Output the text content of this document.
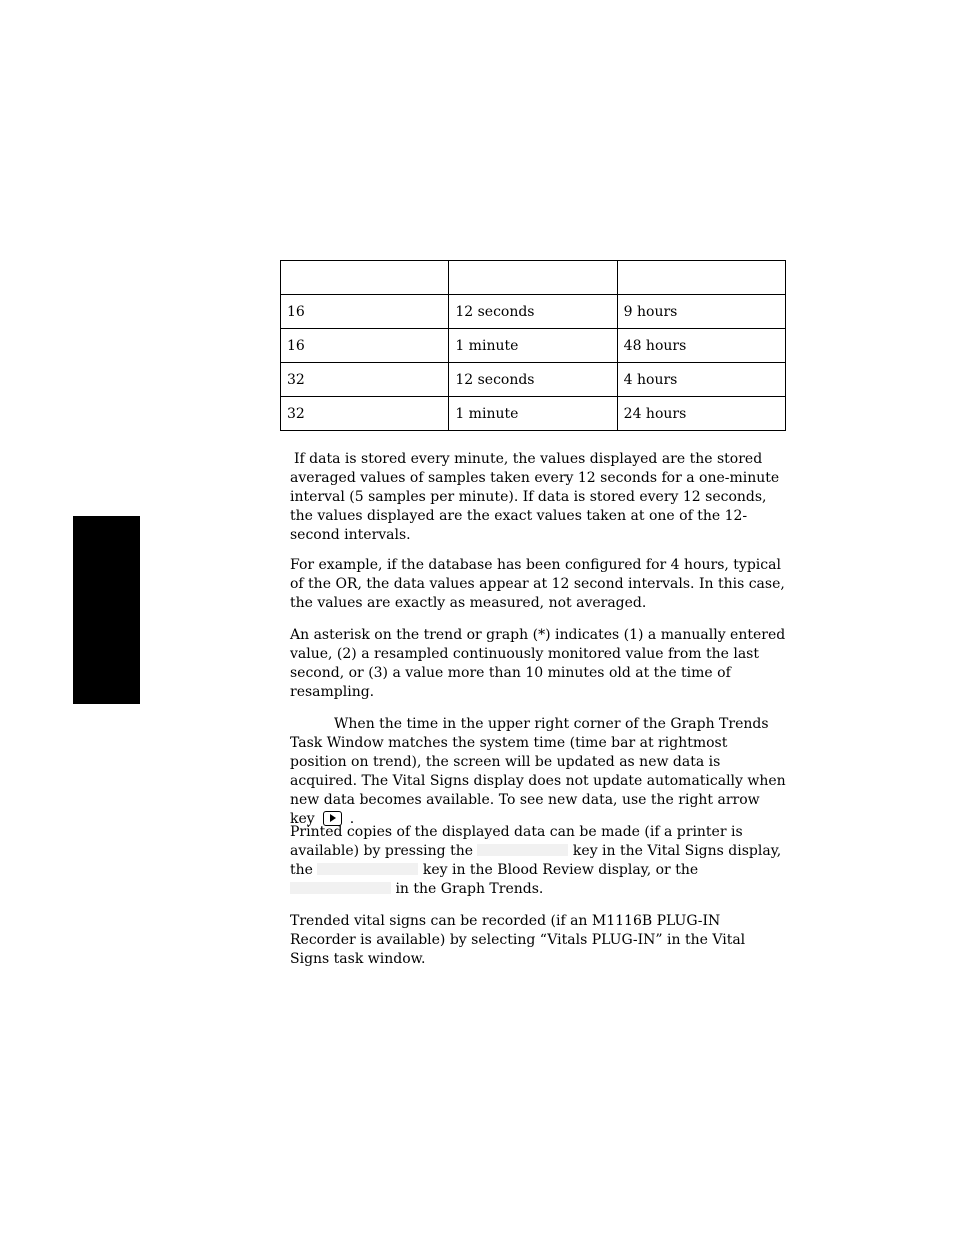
16	12 seconds	9 hours
16	1 minute	48 hours
32	12 seconds	4 hours
32	1 minute	24 hours

If data is stored every minute, the values displayed are the stored averaged values of samples taken every 12 seconds for a one-minute interval (5 samples per minute). If data is stored every 12 seconds, the values displayed are the exact values taken at one of the 12-second intervals.

For example, if the database has been configured for 4 hours, typical of the OR, the data values appear at 12 second intervals. In this case, the values are exactly as measured, not averaged.

An asterisk on the trend or graph (*) indicates (1) a manually entered value, (2) a resampled continuously monitored value from the last second, or (3) a value more than 10 minutes old at the time of resampling.

When the time in the upper right corner of the Graph Trends Task Window matches the system time (time bar at rightmost position on trend), the screen will be updated as new data is acquired. The Vital Signs display does not update automatically when new data becomes available. To see new data, use the right arrow key	.

Printed copies of the displayed data can be made (if a printer is available) by pressing the	key in the Vital Signs display, the	key in the Blood Review display, or the  in the Graph Trends.

Trended vital signs can be recorded (if an M1116B PLUG-IN Recorder is available) by selecting “Vitals PLUG-IN” in the Vital Signs task window.
